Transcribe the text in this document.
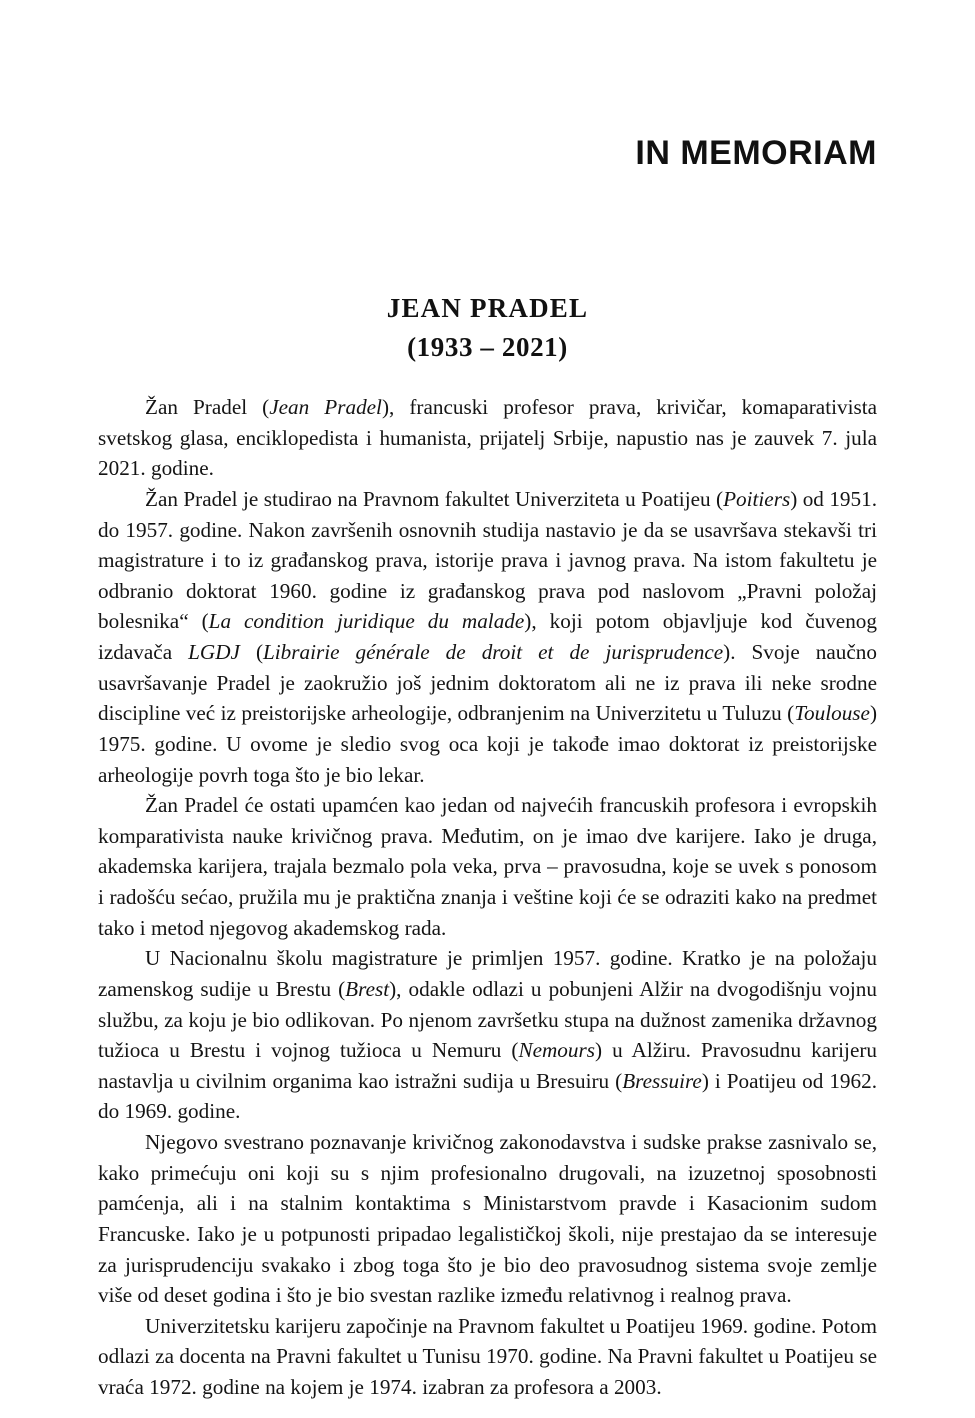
IN MEMORIAM
JEAN PRADEL
(1933 – 2021)

Žan Pradel (Jean Pradel), francuski profesor prava, krivičar, komaparativista svetskog glasa, enciklopedista i humanista, prijatelj Srbije, napustio nas je zauvek 7. jula 2021. godine.

Žan Pradel je studirao na Pravnom fakultet Univerziteta u Poatijeu (Poitiers) od 1951. do 1957. godine. Nakon završenih osnovnih studija nastavio je da se usavršava stekavši tri magistrature i to iz građanskog prava, istorije prava i javnog prava. Na istom fakultetu je odbranio doktorat 1960. godine iz građanskog prava pod naslovom „Pravni položaj bolesnika“ (La condition juridique du malade), koji potom objavljuje kod čuvenog izdavača LGDJ (Librairie générale de droit et de jurisprudence). Svoje naučno usavršavanje Pradel je zaokružio još jednim doktoratom ali ne iz prava ili neke srodne discipline već iz preistorijske arheologije, odbranjenim na Univerzitetu u Tuluzu (Toulouse) 1975. godine. U ovome je sledio svog oca koji je takođe imao doktorat iz preistorijske arheologije povrh toga što je bio lekar.

Žan Pradel će ostati upamćen kao jedan od najvećih francuskih profesora i evropskih komparativista nauke krivičnog prava. Međutim, on je imao dve karijere. Iako je druga, akademska karijera, trajala bezmalo pola veka, prva – pravosudna, koje se uvek s ponosom i radošću sećao, pružila mu je praktična znanja i veštine koji će se odraziti kako na predmet tako i metod njegovog akademskog rada.

U Nacionalnu školu magistrature je primljen 1957. godine. Kratko je na položaju zamenskog sudije u Brestu (Brest), odakle odlazi u pobunjeni Alžir na dvogodišnju vojnu službu, za koju je bio odlikovan. Po njenom završetku stupa na dužnost zamenika državnog tužioca u Brestu i vojnog tužioca u Nemuru (Nemours) u Alžiru. Pravosudnu karijeru nastavlja u civilnim organima kao istražni sudija u Bresuiru (Bressuire) i Poatijeu od 1962. do 1969. godine.

Njegovo svestrano poznavanje krivičnog zakonodavstva i sudske prakse zasnivalo se, kako primećuju oni koji su s njim profesionalno drugovali, na izuzetnoj sposobnosti pamćenja, ali i na stalnim kontaktima s Ministarstvom pravde i Kasacionim sudom Francuske. Iako je u potpunosti pripadao legalističkoj školi, nije prestajao da se interesuje za jurisprudenciju svakako i zbog toga što je bio deo pravosudnog sistema svoje zemlje više od deset godina i što je bio svestan razlike između relativnog i realnog prava.

Univerzitetsku karijeru započinje na Pravnom fakultet u Poatijeu 1969. godine. Potom odlazi za docenta na Pravni fakultet u Tunisu 1970. godine. Na Pravni fakultet u Poatijeu se vraća 1972. godine na kojem je 1974. izabran za profesora a 2003.
